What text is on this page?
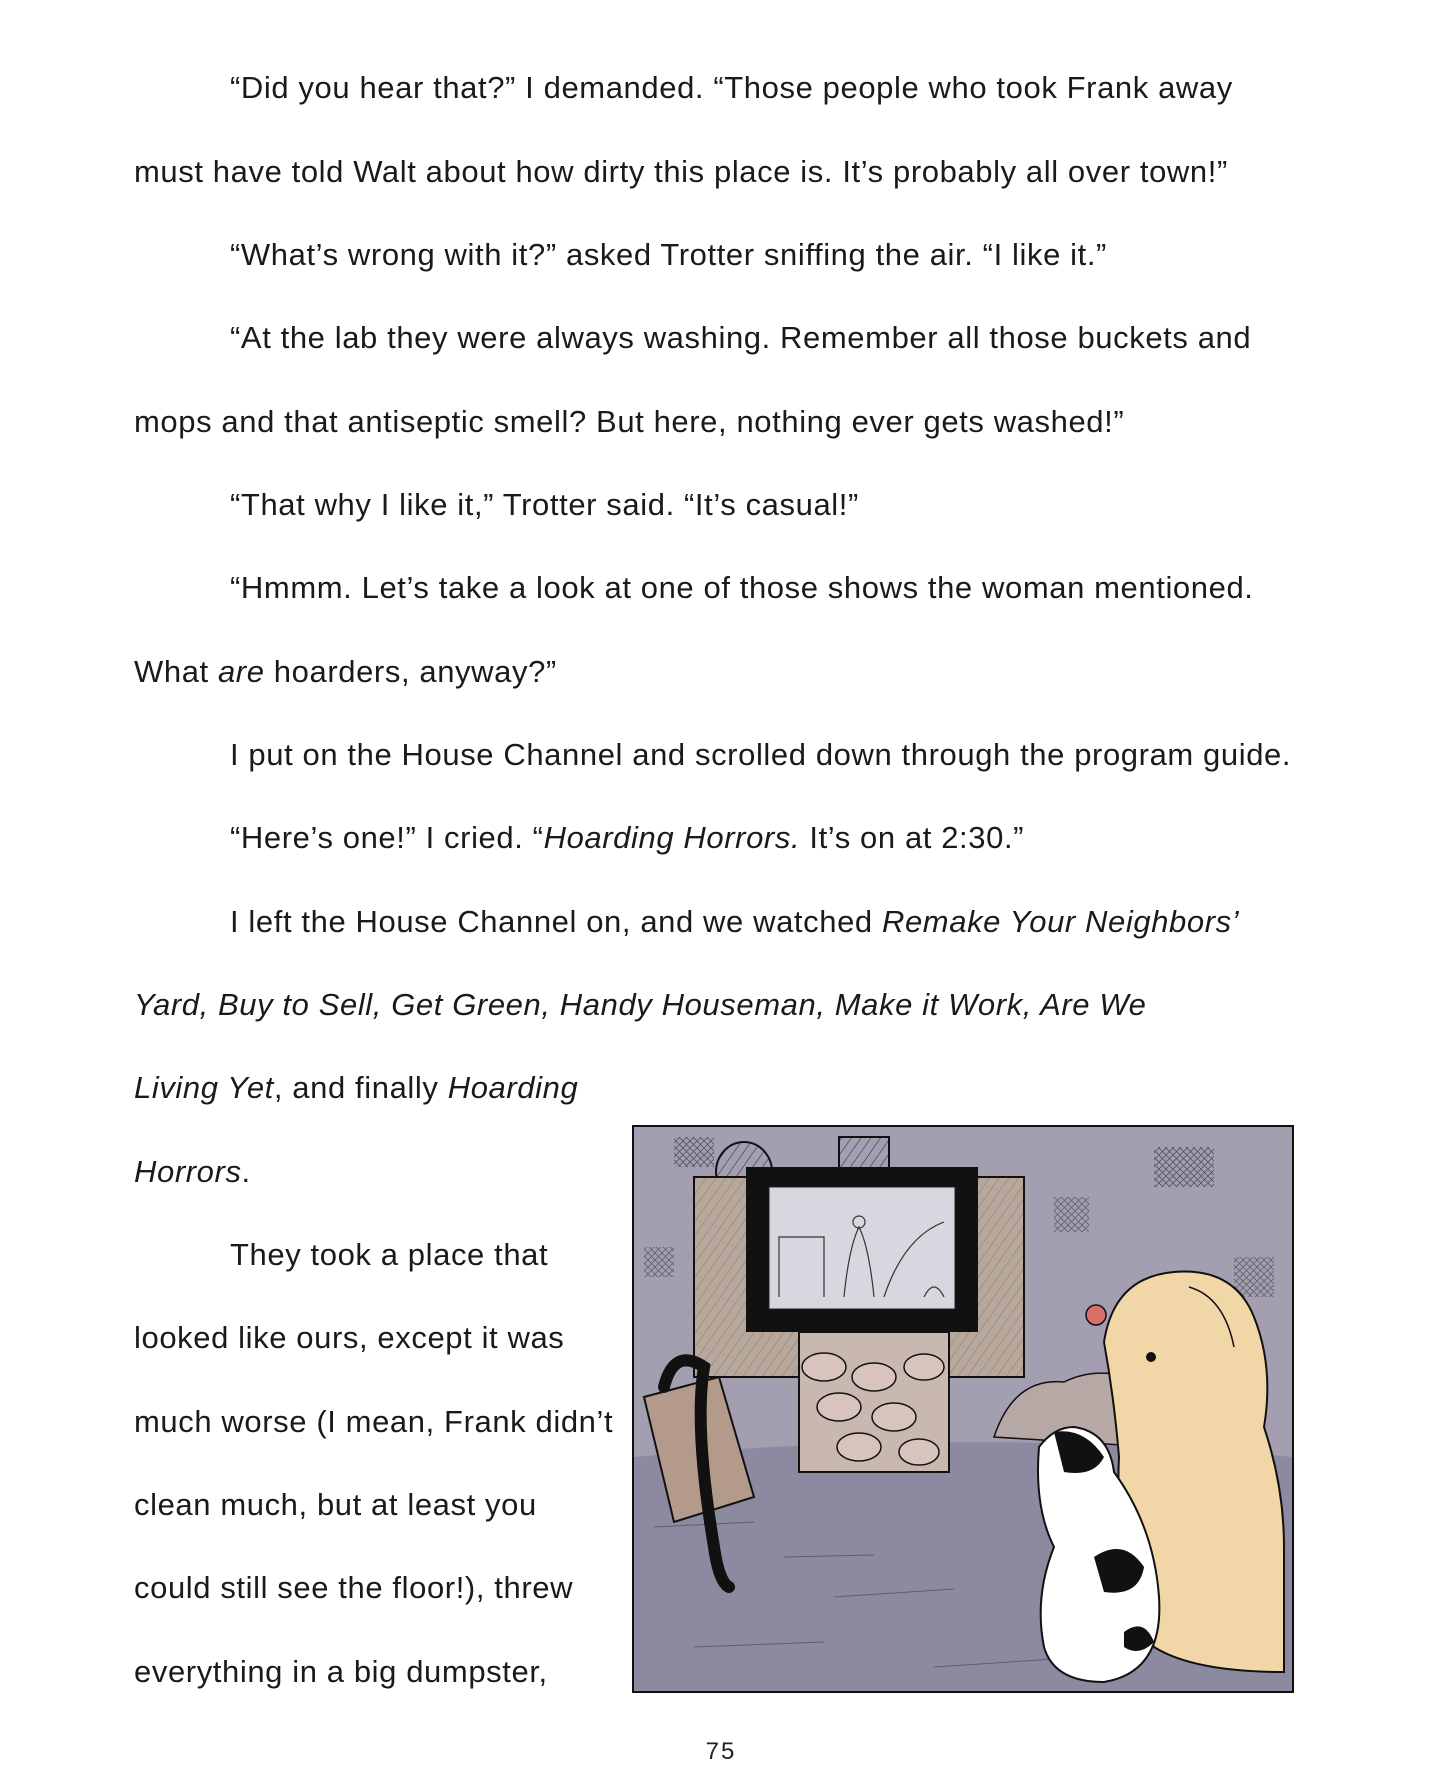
“Did you hear that?” I demanded. “Those people who took Frank away
must have told Walt about how dirty this place is. It’s probably all over town!”
“What’s wrong with it?” asked Trotter sniffing the air. “I like it.”
“At the lab they were always washing. Remember all those buckets and
mops and that antiseptic smell? But here, nothing ever gets washed!”
“That why I like it,” Trotter said. “It’s casual!”
“Hmmm. Let’s take a look at one of those shows the woman mentioned.
What are hoarders, anyway?”
I put on the House Channel and scrolled down through the program guide.
“Here’s one!” I cried. “Hoarding Horrors. It’s on at 2:30.”
I left the House Channel on, and we watched Remake Your Neighbors’
Yard, Buy to Sell, Get Green, Handy Houseman, Make it Work, Are We
Living Yet, and finally Hoarding
Horrors.
They took a place that
looked like ours, except it was
much worse (I mean, Frank didn’t
clean much, but at least you
could still see the floor!), threw
everything in a big dumpster,
75
